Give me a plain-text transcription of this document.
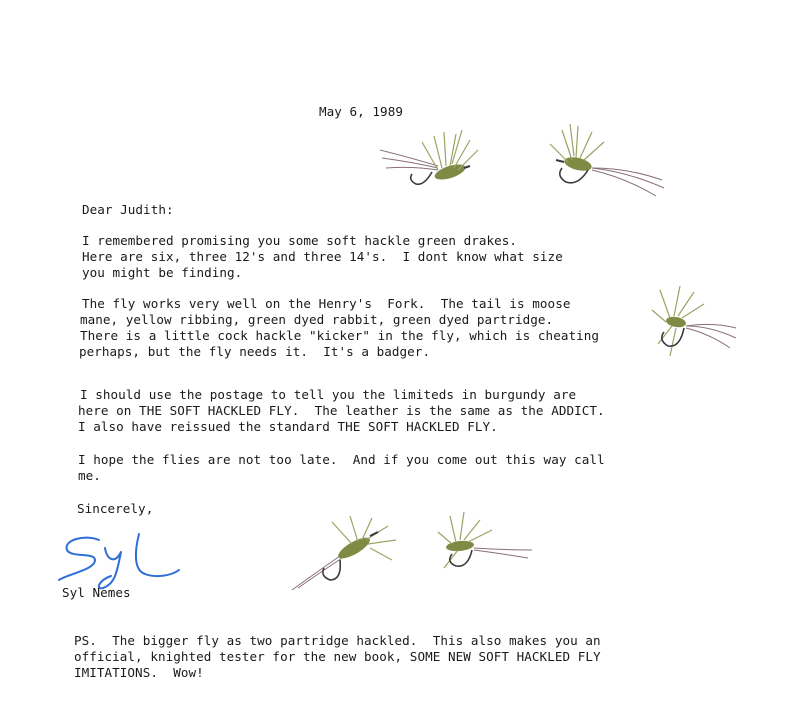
May 6, 1989
Dear Judith:
I remembered promising you some soft hackle green drakes.
Here are six, three 12's and three 14's.  I dont know what size
you might be finding.
The fly works very well on the Henry's  Fork.  The tail is moose
mane, yellow ribbing, green dyed rabbit, green dyed partridge.
There is a little cock hackle "kicker" in the fly, which is cheating
perhaps, but the fly needs it.  It's a badger.
I should use the postage to tell you the limiteds in burgundy are
here on THE SOFT HACKLED FLY.  The leather is the same as the ADDICT.
I also have reissued the standard THE SOFT HACKLED FLY.
I hope the flies are not too late.  And if you come out this way call
me.
Sincerely,
Syl Nemes
PS.  The bigger fly as two partridge hackled.  This also makes you an
official, knighted tester for the new book, SOME NEW SOFT HACKLED FLY
IMITATIONS.  Wow!
